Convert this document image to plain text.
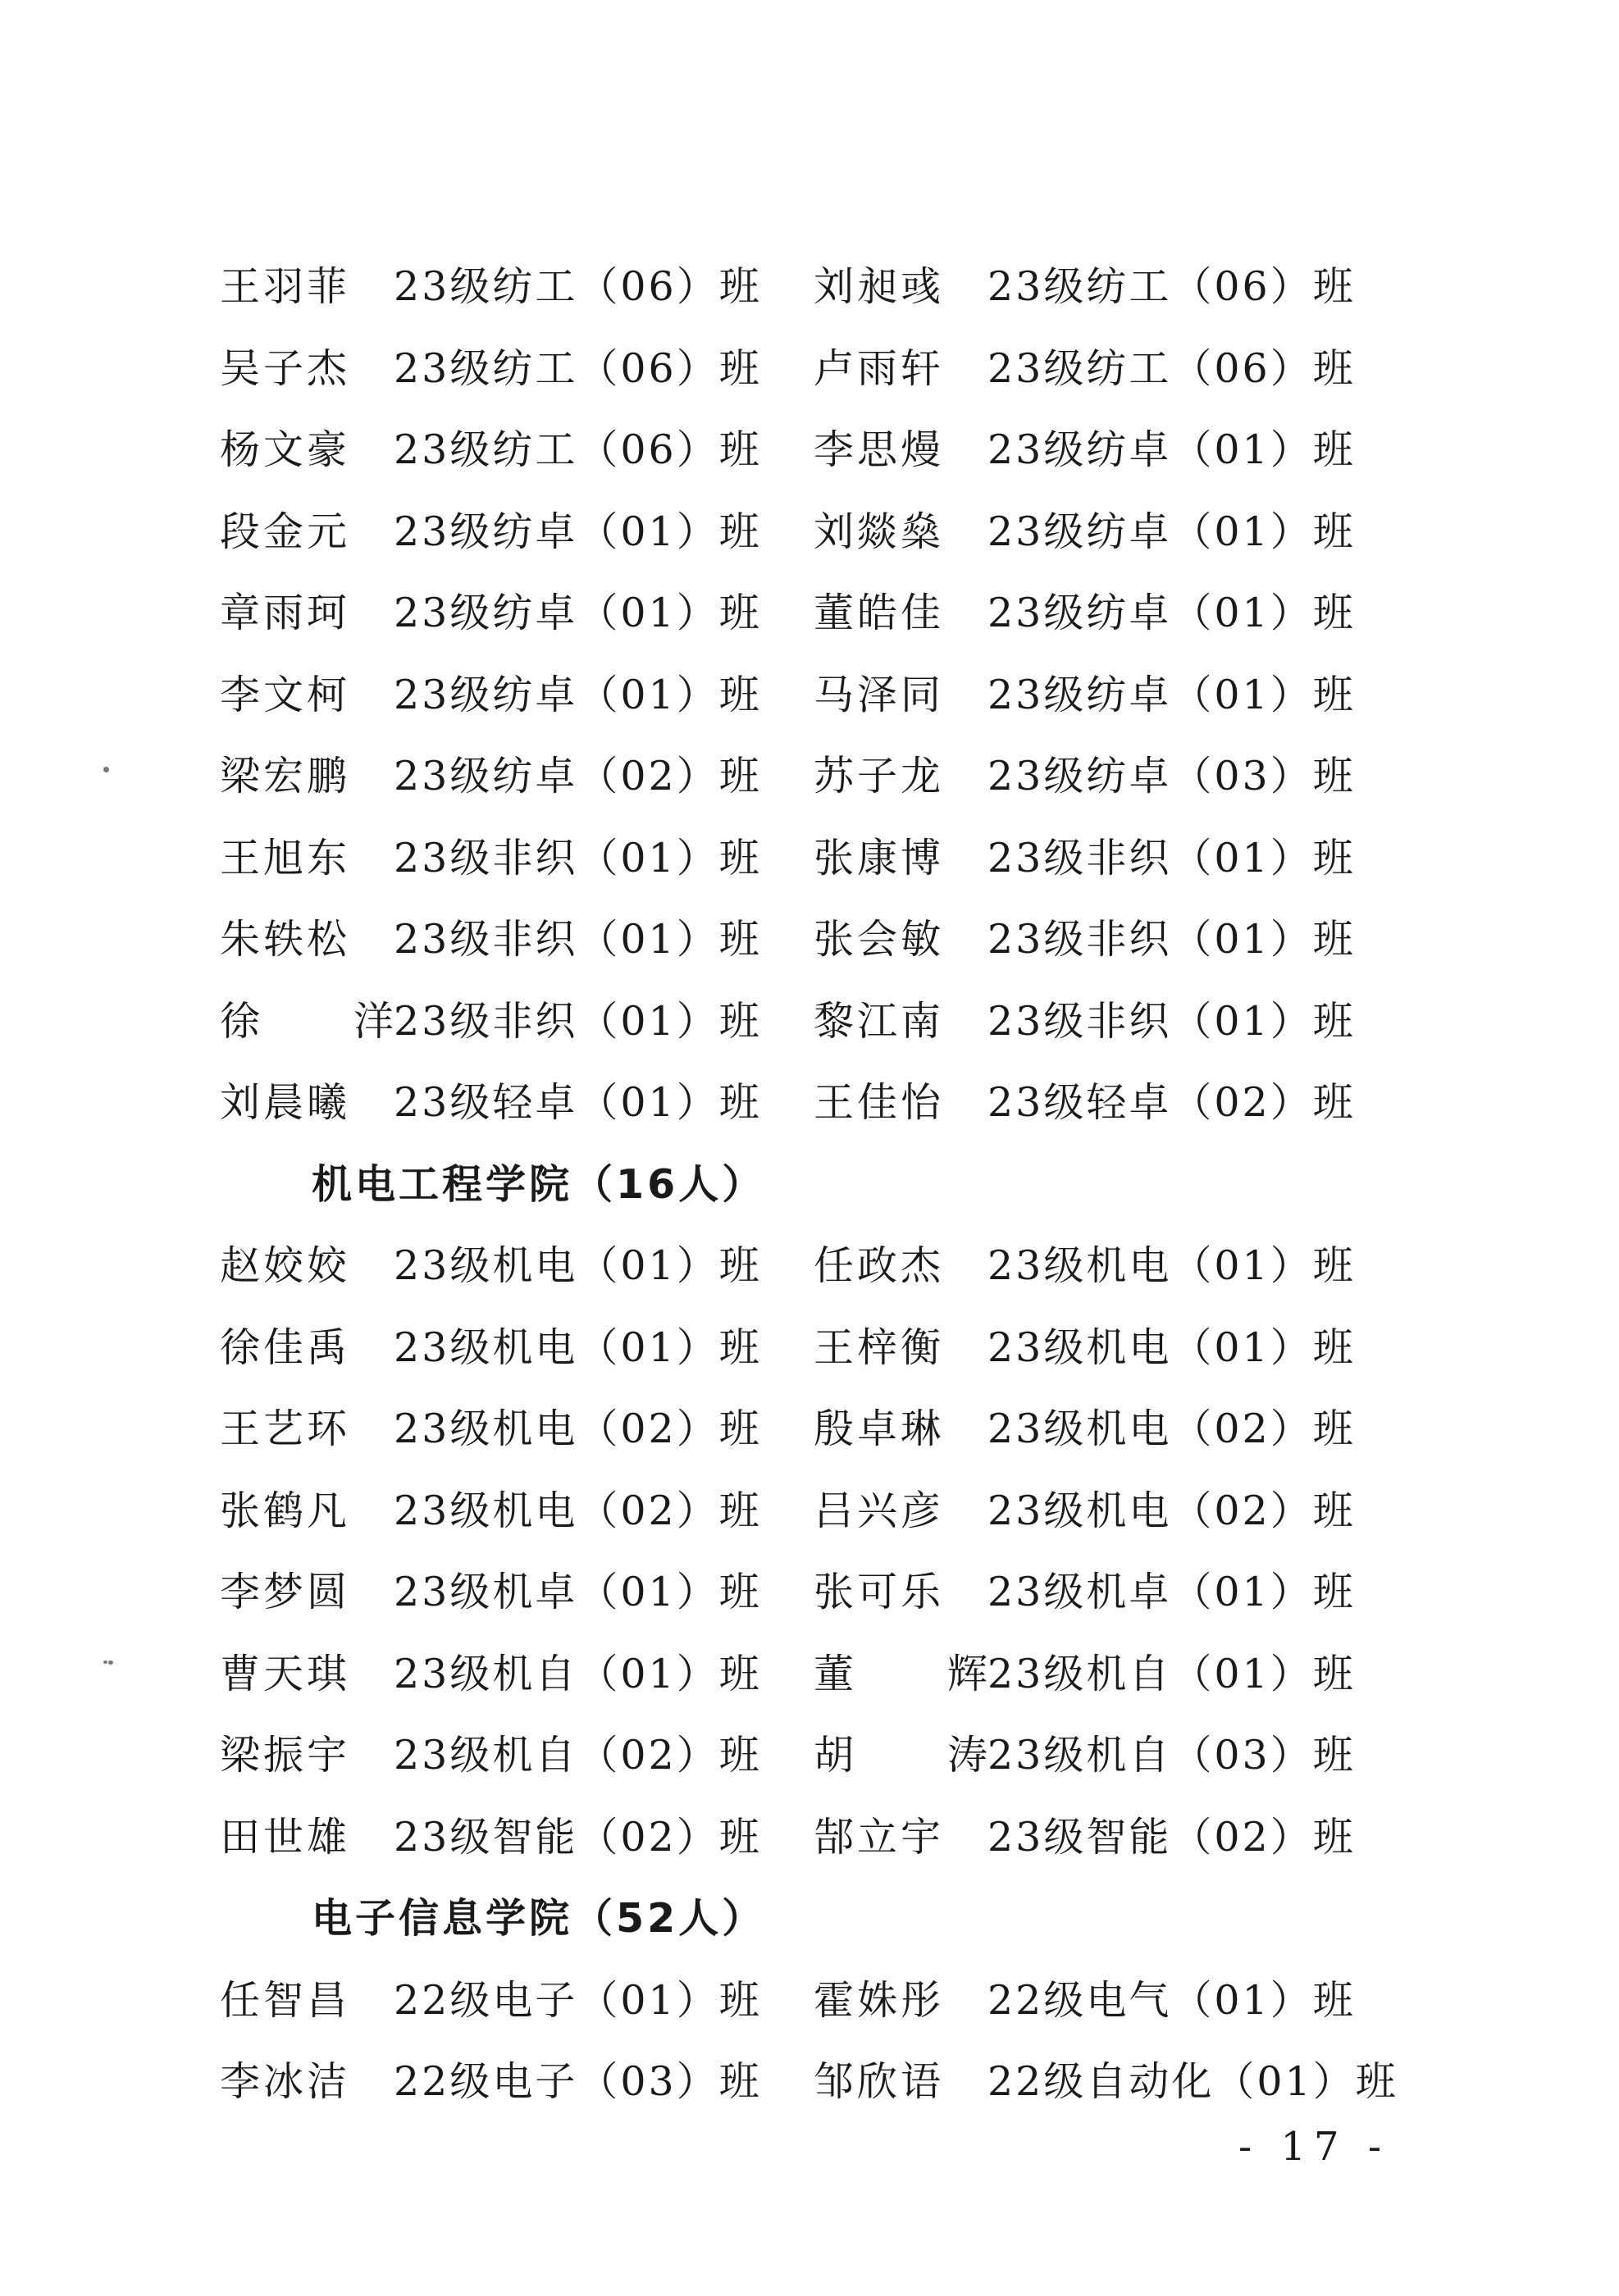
王羽菲 23级纺工（06）班 刘昶彧 23级纺工（06）班
吴子杰 23级纺工（06）班 卢雨轩 23级纺工（06）班
杨文豪 23级纺工（06）班 李思熳 23级纺卓（01）班
段金元 23级纺卓（01）班 刘燚燊 23级纺卓（01）班
章雨珂 23级纺卓（01）班 董皓佳 23级纺卓（01）班
李文柯 23级纺卓（01）班 马泽同 23级纺卓（01）班
梁宏鹏 23级纺卓（02）班 苏子龙 23级纺卓（03）班
王旭东 23级非织（01）班 张康博 23级非织（01）班
朱轶松 23级非织（01）班 张会敏 23级非织（01）班
徐洋23级非织（01）班 黎江南 23级非织（01）班
刘晨曦 23级轻卓（01）班 王佳怡 23级轻卓（02）班
机电工程学院（16人）
赵姣姣 23级机电（01）班 任政杰 23级机电（01）班
徐佳禹 23级机电（01）班 王梓衡 23级机电（01）班
王艺环 23级机电（02）班 殷卓琳 23级机电（02）班
张鹤凡 23级机电（02）班 吕兴彦 23级机电（02）班
李梦圆 23级机卓（01）班 张可乐 23级机卓（01）班
曹天琪 23级机自（01）班 董辉23级机自（01）班
梁振宇 23级机自（02）班 胡涛23级机自（03）班
田世雄 23级智能（02）班 郜立宇 23级智能（02）班
电子信息学院（52人）
任智昌 22级电子（01）班 霍姝彤 22级电气（01）班
李冰洁 22级电子（03）班 邹欣语 22级自动化（01）班
- 17 -
